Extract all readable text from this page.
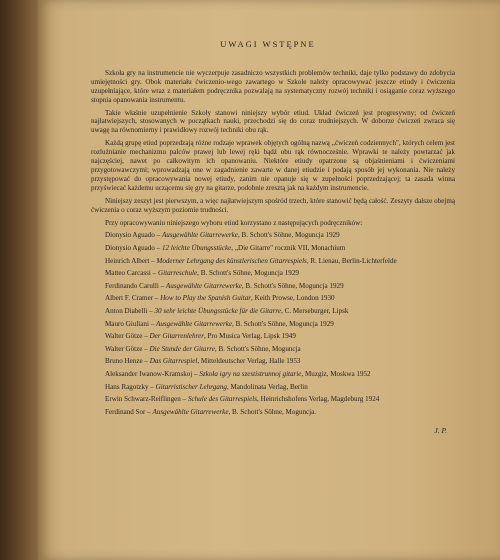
UWAGI WSTĘPNE

Szkoła gry na instrumencie nie wyczerpuje zasadniczo wszystkich problemów techniki, daje tylko podstawy do zdobycia umiejętności gry. Obok materiału ćwiczenio-wego zawartego w Szkole należy opracowywać jeszcze etiudy i ćwiczenia uzupełniające, które wraz z materiałem podręcznika pozwalają na systematyczny rozwój techniki i osiąganie coraz wyższego stopnia opanowania instrumentu.

Takie właśnie uzupełnienie Szkoły stanowi niniejszy wybór etiud. Układ ćwiczeń jest progresywny; od ćwiczeń najłatwiejszych, stosowanych w początkach nauki, przechodzi się do coraz trudniejszych. W doborze ćwiczeń zwraca się uwagę na równomierny i prawidłowy rozwój techniki obu rąk.

Każdą grupę etiud poprzedzają różne rodzaje wprawek objętych ogólną nazwą „ćwiczeń codziennych", których celem jest rozluźnianie mechanizmu palców prawej lub lewej ręki bądź obu rąk równocześnie. Wprawki te należy powtarzać jak najczęściej, nawet po całkowitym ich opanowaniu. Niektóre etiudy opatrzone są objaśnieniami i ćwiczeniami przygotowawczymi; wprowadzają one w zagadnienie zawarte w danej etiudzie i podają sposób jej wykonania. Nie należy przystępować do opracowywania nowej etiudy, zanim nie opanuje się w zupełności poprzedzającej; ta zasada winna przyświecać każdemu uczącemu się gry na gitarze, podobnie zresztą jak na każdym instrumencie.

Niniejszy zeszyt jest pierwszym, a więc najłatwiejszym spośród trzech, które stanowić będą całość. Zeszyty dalsze obejmą ćwiczenia o coraz wyższym poziomie trudności.

Przy opracowywaniu niniejszego wyboru etiud korzystano z następujących podręczników:

Dionysio Aguado – Ausgewählte Gitarrewerke, B. Schott's Söhne, Moguncja 1929
Dionysio Aguado – 12 leichte Übungsstücke, „Die Gitarre" rocznik VII, Monachium
Heinrich Albert – Moderner Lehrgang des künstlerischen Gitarrespiels, R. Lienau, Berlin-Lichterfelde
Matteo Carcassi – Gitarreschule, B. Schott's Söhne, Moguncja 1929
Ferdinando Carulli – Ausgewählte Gitarrewerke, B. Schott's Söhne, Moguncja 1929
Albert F. Cramer – How to Play the Spanish Guitar, Keith Prowse, London 1930
Anton Diabelli – 30 sehr leichte Übungsstücke für die Gitarre, C. Merseburger, Lipsk
Mauro Giuliani – Ausgewählte Gitarrewerke, B. Schott's Söhne, Moguncja 1929
Walter Götze – Der Gitarrenlehrer, Pro Musica Verlag, Lipsk 1949
Walter Götze – Die Stunde der Gitarre, B. Schott's Söhne, Moguncja
Bruno Henze – Das Gitarrespiel, Mitteldeutscher Verlag, Halle 1953
Aleksander Iwanow-Kramskoj – Szkoła igry na szestistrunnoj gitarie, Muzgiz, Moskwa 1952
Hans Ragotzky – Gitarristischer Lehrgang, Mandolinata Verlag, Berlin
Erwin Schwarz-Reiflingen – Schule des Gitarrespiels, Heinrichshofens Verlag, Magdeburg 1924
Ferdinand Sor – Ausgewählte Gitarrewerke, B. Schott's Söhne, Moguncja.
J. P.
